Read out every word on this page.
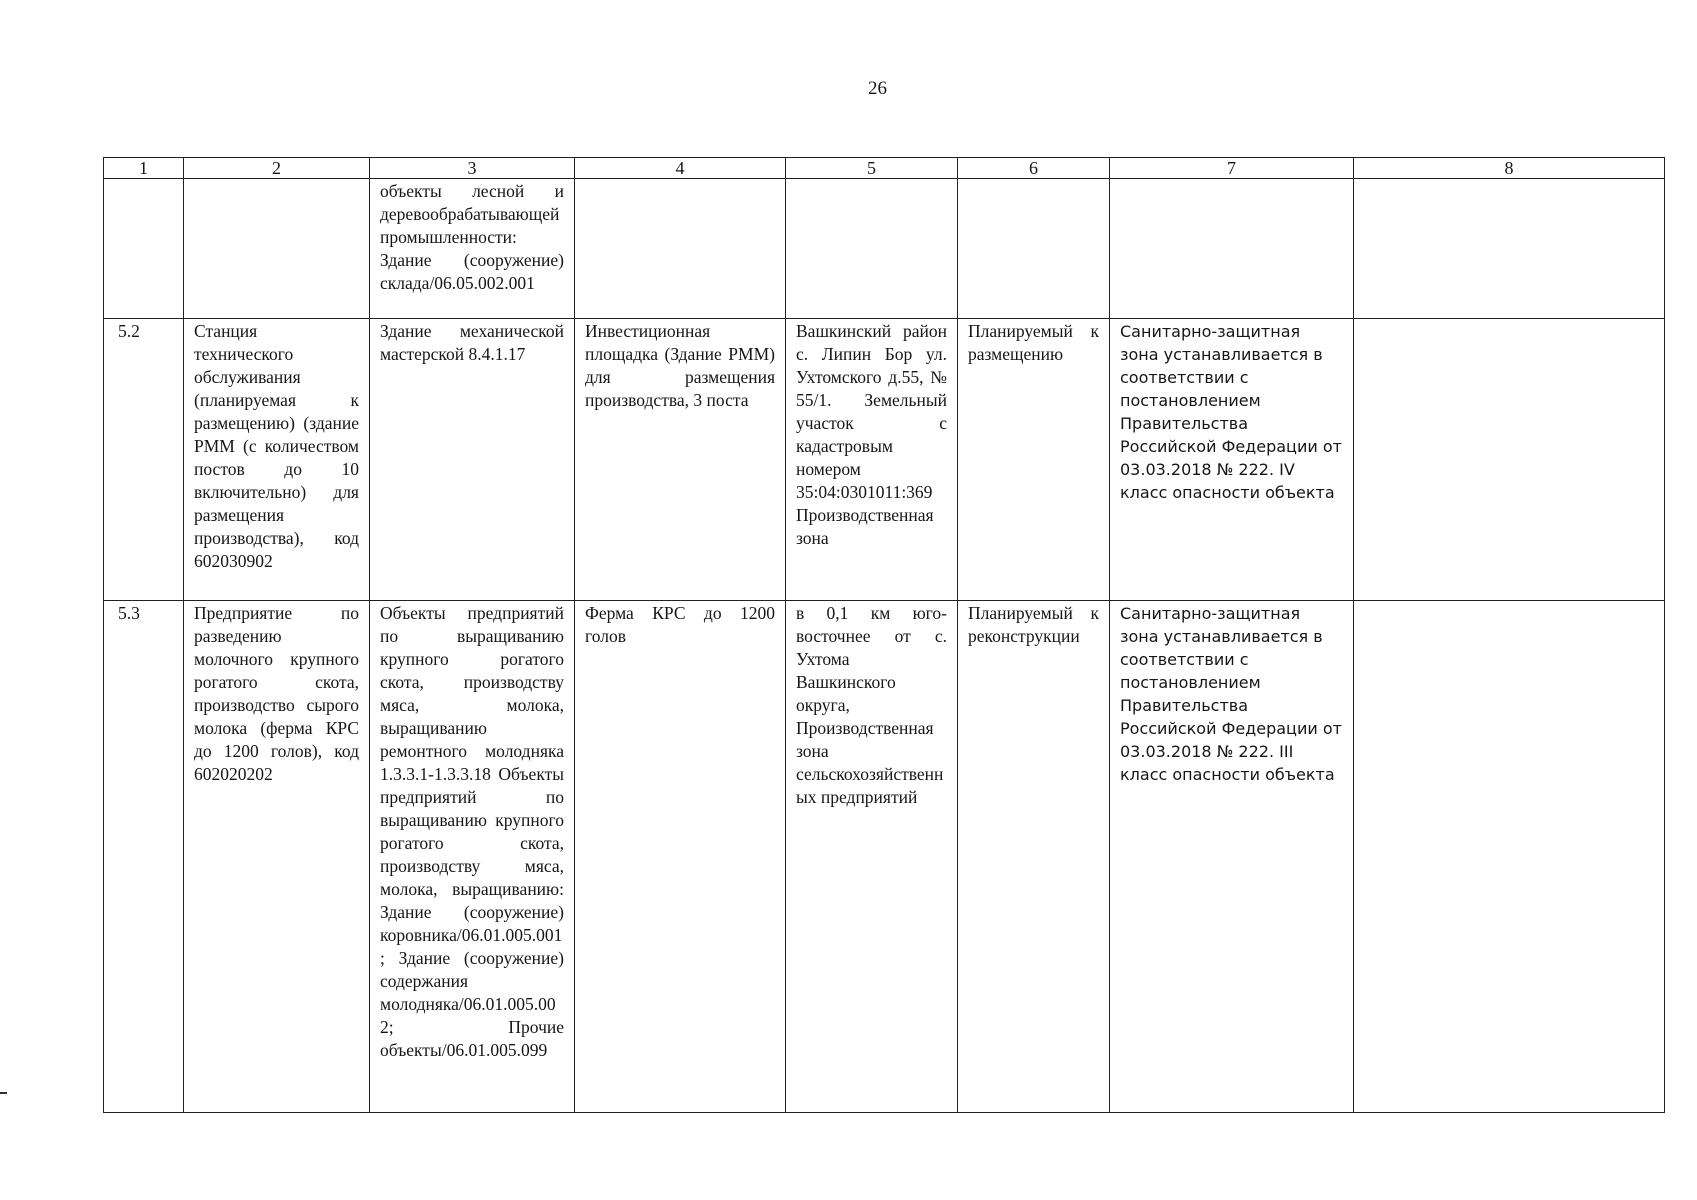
26
1	2	3	4	5	6	7	8
		объекты лесной и деревообрабатывающей промышленности: Здание (сооружение) склада/06.05.002.001					
5.2	Станция технического обслуживания (планируемая к размещению) (здание РММ (с количеством постов до 10 включительно) для размещения производства), код 602030902	Здание механической мастерской 8.4.1.17	Инвестиционная площадка (Здание РММ) для размещения производства, 3 поста	Вашкинский район с. Липин Бор ул. Ухтомского д.55, № 55/1. Земельный участок с кадастровым номером 35:04:0301011:369 Производственная зона	Планируемый к размещению	Санитарно-защитная зона устанавливается в соответствии с постановлением Правительства Российской Федерации от 03.03.2018 № 222. IV класс опасности объекта	
5.3	Предприятие по разведению молочного крупного рогатого скота, производство сырого молока (ферма КРС до 1200 голов), код 602020202	Объекты предприятий по выращиванию крупного рогатого скота, производству мяса, молока, выращиванию ремонтного молодняка 1.3.3.1-1.3.3.18 Объекты предприятий по выращиванию крупного рогатого скота, производству мяса, молока, выращиванию: Здание (сооружение) коровника/06.01.005.001; Здание (сооружение) содержания молодняка/06.01.005.002; Прочие объекты/06.01.005.099	Ферма КРС до 1200 голов	в 0,1 км юго-восточнее от с. Ухтома Вашкинского округа, Производственная зона сельскохозяйственных предприятий	Планируемый к реконструкции	Санитарно-защитная зона устанавливается в соответствии с постановлением Правительства Российской Федерации от 03.03.2018 № 222. III класс опасности объекта	
